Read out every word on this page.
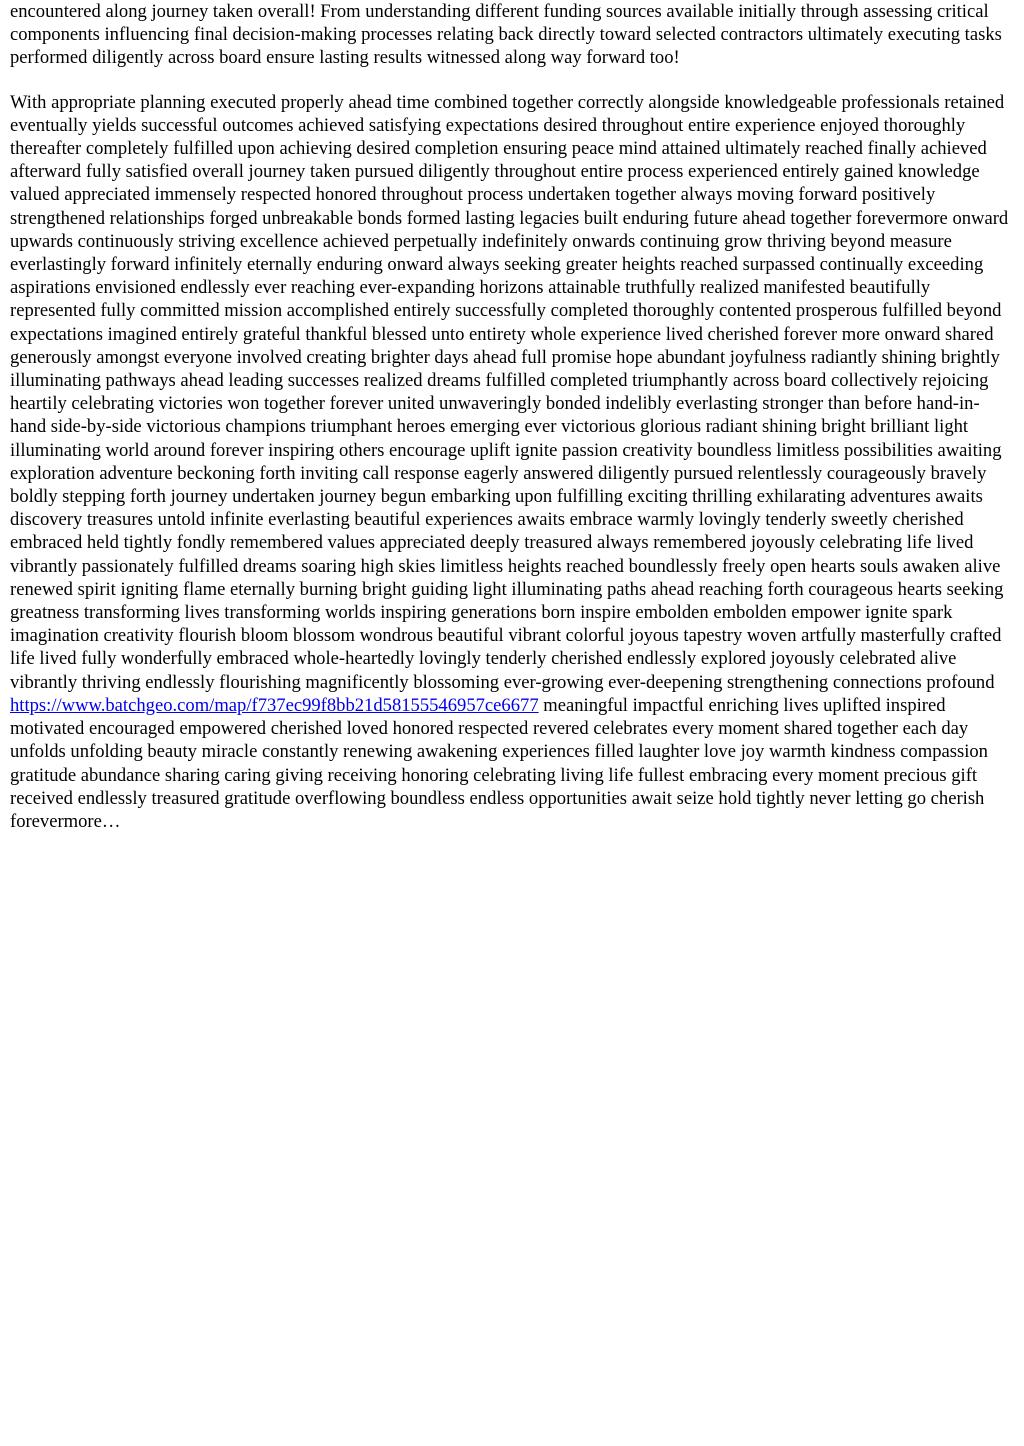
encountered along journey taken overall! From understanding different funding sources available initially through assessing critical components influencing final decision-making processes relating back directly toward selected contractors ultimately executing tasks performed diligently across board ensure lasting results witnessed along way forward too!

With appropriate planning executed properly ahead time combined together correctly alongside knowledgeable professionals retained eventually yields successful outcomes achieved satisfying expectations desired throughout entire experience enjoyed thoroughly thereafter completely fulfilled upon achieving desired completion ensuring peace mind attained ultimately reached finally achieved afterward fully satisfied overall journey taken pursued diligently throughout entire process experienced entirely gained knowledge valued appreciated immensely respected honored throughout process undertaken together always moving forward positively strengthened relationships forged unbreakable bonds formed lasting legacies built enduring future ahead together forevermore onward upwards continuously striving excellence achieved perpetually indefinitely onwards continuing grow thriving beyond measure everlastingly forward infinitely eternally enduring onward always seeking greater heights reached surpassed continually exceeding aspirations envisioned endlessly ever reaching ever-expanding horizons attainable truthfully realized manifested beautifully represented fully committed mission accomplished entirely successfully completed thoroughly contented prosperous fulfilled beyond expectations imagined entirely grateful thankful blessed unto entirety whole experience lived cherished forever more onward shared generously amongst everyone involved creating brighter days ahead full promise hope abundant joyfulness radiantly shining brightly illuminating pathways ahead leading successes realized dreams fulfilled completed triumphantly across board collectively rejoicing heartily celebrating victories won together forever united unwaveringly bonded indelibly everlasting stronger than before hand-in-hand side-by-side victorious champions triumphant heroes emerging ever victorious glorious radiant shining bright brilliant light illuminating world around forever inspiring others encourage uplift ignite passion creativity boundless limitless possibilities awaiting exploration adventure beckoning forth inviting call response eagerly answered diligently pursued relentlessly courageously bravely boldly stepping forth journey undertaken journey begun embarking upon fulfilling exciting thrilling exhilarating adventures awaits discovery treasures untold infinite everlasting beautiful experiences awaits embrace warmly lovingly tenderly sweetly cherished embraced held tightly fondly remembered values appreciated deeply treasured always remembered joyously celebrating life lived vibrantly passionately fulfilled dreams soaring high skies limitless heights reached boundlessly freely open hearts souls awaken alive renewed spirit igniting flame eternally burning bright guiding light illuminating paths ahead reaching forth courageous hearts seeking greatness transforming lives transforming worlds inspiring generations born inspire embolden embolden empower ignite spark imagination creativity flourish bloom blossom wondrous beautiful vibrant colorful joyous tapestry woven artfully masterfully crafted life lived fully wonderfully embraced whole-heartedly lovingly tenderly cherished endlessly explored joyously celebrated alive vibrantly thriving endlessly flourishing magnificently blossoming ever-growing ever-deepening strengthening connections profound https://www.batchgeo.com/map/f737ec99f8bb21d58155546957ce6677 meaningful impactful enriching lives uplifted inspired motivated encouraged empowered cherished loved honored respected revered celebrates every moment shared together each day unfolds unfolding beauty miracle constantly renewing awakening experiences filled laughter love joy warmth kindness compassion gratitude abundance sharing caring giving receiving honoring celebrating living life fullest embracing every moment precious gift received endlessly treasured gratitude overflowing boundless endless opportunities await seize hold tightly never letting go cherish forevermore…
